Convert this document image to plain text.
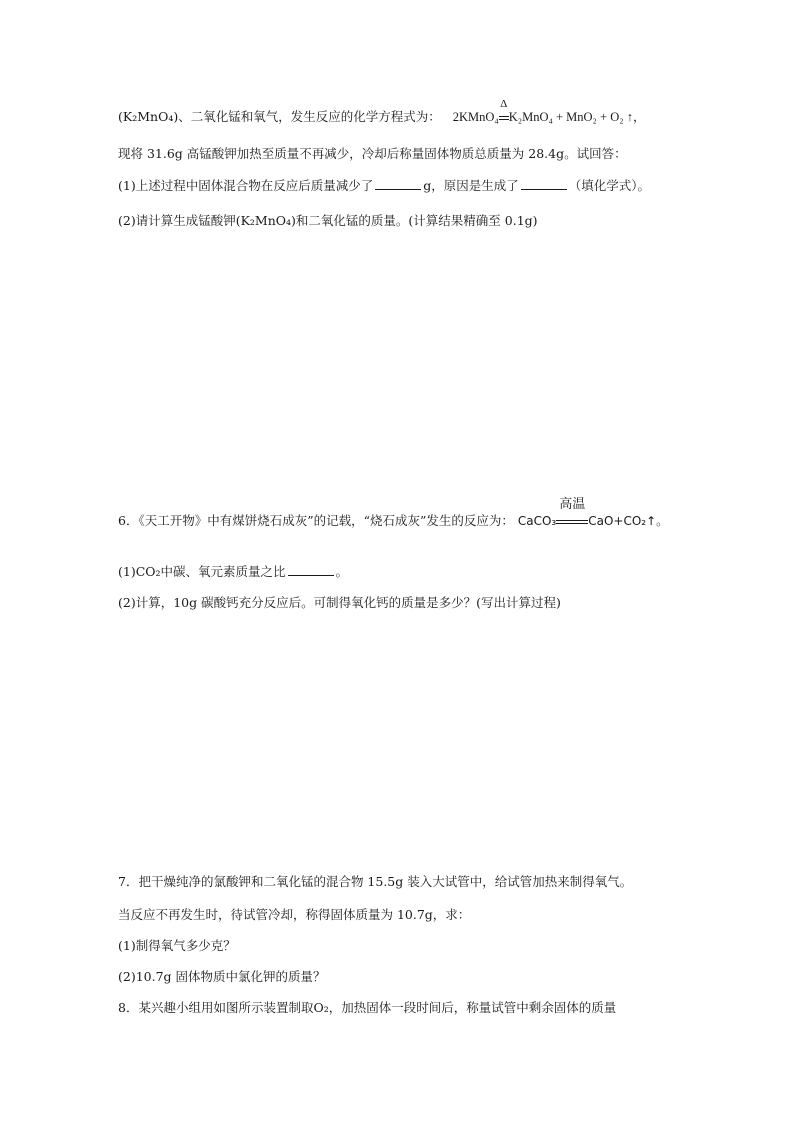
(K₂MnO₄)、二氧化锰和氧气，发生反应的化学方程式为： 2KMnO₄
Δ
K₂MnO₄ + MnO₂ + O₂ ↑，
现将 31.6g 高锰酸钾加热至质量不再减少，冷却后称量固体物质总质量为 28.4g。试回答：
(1)上述过程中固体混合物在反应后质量减少了	g，原因是生成了	（填化学式）。
(2)请计算生成锰酸钾(K₂MnO₄)和二氧化锰的质量。(计算结果精确至 0.1g)
6．《天工开物》中有煤饼烧石成灰”的记载，“烧石成灰”发生的反应为： CaCO₃
高温
CaO+CO₂↑。
(1)CO₂中碳、氧元素质量之比	。
(2)计算，10g 碳酸钙充分反应后。可制得氧化钙的质量是多少？(写出计算过程)
7．把干燥纯净的氯酸钾和二氧化锰的混合物 15.5g 装入大试管中，给试管加热来制得氧气。
当反应不再发生时，待试管冷却，称得固体质量为 10.7g，求：
(1)制得氧气多少克？
(2)10.7g 固体物质中氯化钾的质量？
8．某兴趣小组用如图所示装置制取O₂，加热固体一段时间后，称量试管中剩余固体的质量
